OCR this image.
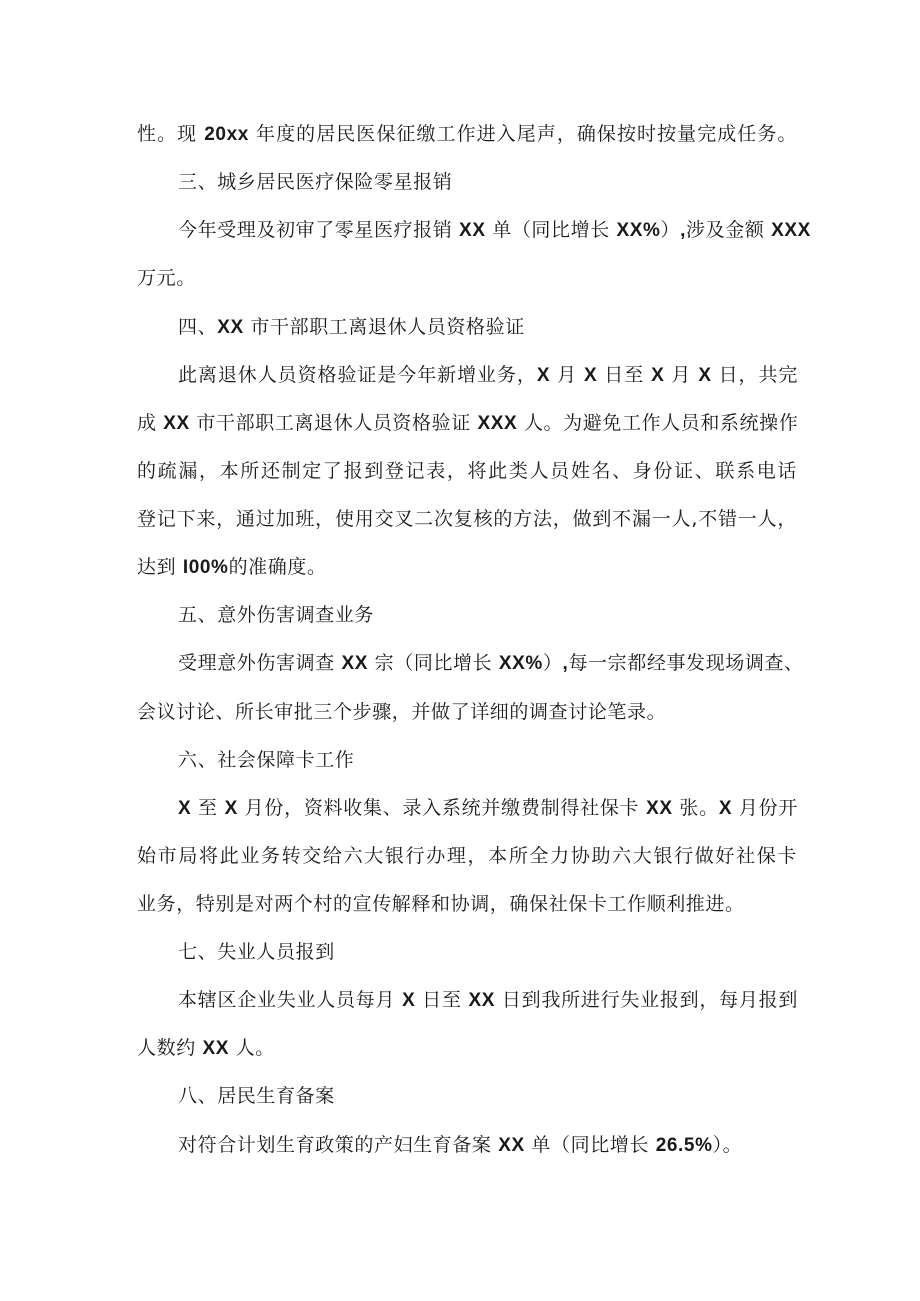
性。现 20xx 年度的居民医保征缴工作进入尾声，确保按时按量完成任务。
三、城乡居民医疗保险零星报销
今年受理及初审了零星医疗报销 XX 单（同比增长 XX%）,涉及金额 XXX
万元。
四、XX 市干部职工离退休人员资格验证
此离退休人员资格验证是今年新增业务，X 月 X 日至 X 月 X 日，共完
成 XX 市干部职工离退休人员资格验证 XXX 人。为避免工作人员和系统操作
的疏漏，本所还制定了报到登记表，将此类人员姓名、身份证、联系电话
登记下来，通过加班，使用交叉二次复核的方法，做到不漏一人,不错一人，
达到 I00%的准确度。
五、意外伤害调查业务
受理意外伤害调查 XX 宗（同比增长 XX%）,每一宗都经事发现场调查、
会议讨论、所长审批三个步骤，并做了详细的调查讨论笔录。
六、社会保障卡工作
X 至 X 月份，资料收集、录入系统并缴费制得社保卡 XX 张。X 月份开
始市局将此业务转交给六大银行办理，本所全力协助六大银行做好社保卡
业务，特别是对两个村的宣传解释和协调，确保社保卡工作顺利推进。
七、失业人员报到
本辖区企业失业人员每月 X 日至 XX 日到我所进行失业报到，每月报到
人数约 XX 人。
八、居民生育备案
对符合计划生育政策的产妇生育备案 XX 单（同比增长 26.5%）。
